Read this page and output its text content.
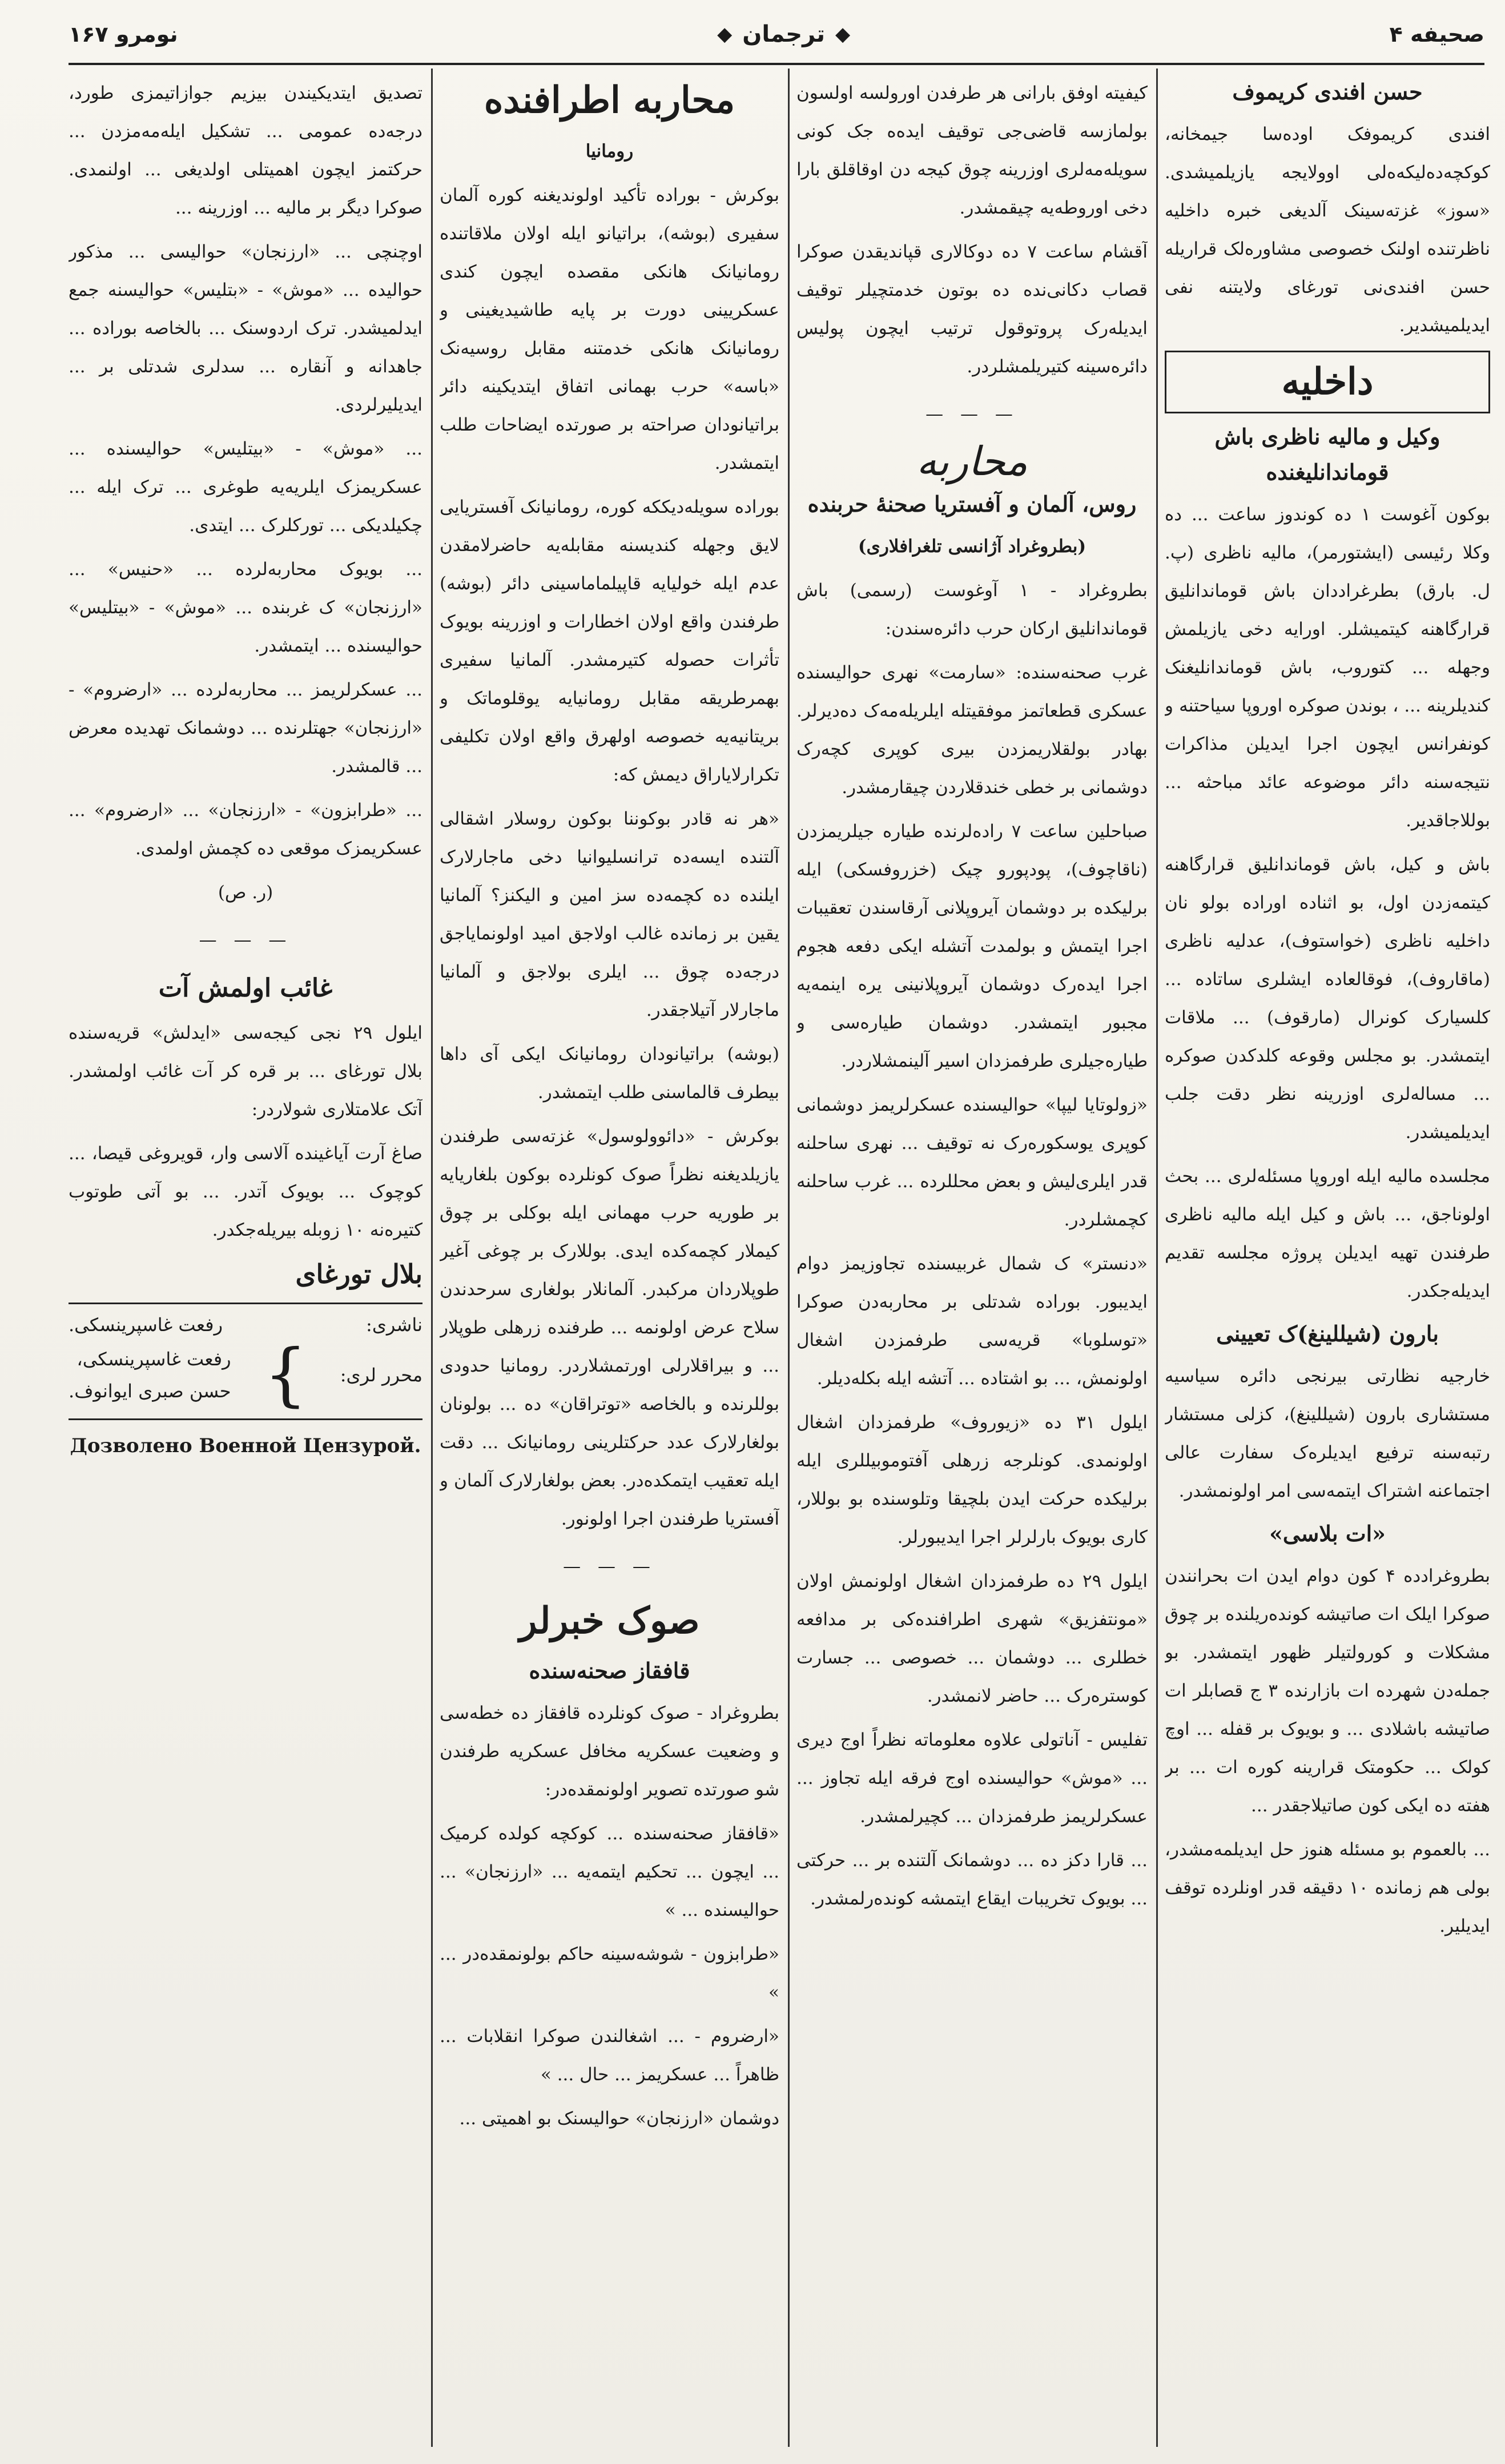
صحیفه ۴
◆
ترجمان
◆
نومرو ۱۶۷

حسن افندی کریموف

افندی کریموفک اوده‌سا جیمخانه، کوکچه‌ده‌لیکه‌ه‌لی اوولایجه یازیلمیشدی. «سوز» غزته‌سینک آلدیغی خبره داخلیه ناظرتنده اولنک خصوصی مشاوره‌لک قراریله حسن افندی‌نی تورغای ولایتنه نفی ایدیلمیشدیر.

داخلیه

وکیل و مالیه ناظری باش قوماندانلیغنده

بوکون آغوست ۱ ده کوندوز ساعت ... ده وکلا رئیسی (ایشتورمر)، مالیه ناظری (پ. ل. بارق) بطرغراددان باش قوماندانلیق قرارگاهنه کیتمیشلر. اورایه دخی یازیلمش وجهله ... کتوروب، باش قوماندانلیغنک کندیلرینه ... ، بوندن صوکره اوروپا سیاحتنه و کونفرانس ایچون اجرا ایدیلن مذاکرات نتیجه‌سنه دائر موضوعه عائد مباحثه ... بوللاجاقدیر.

باش و کیل، باش قوماندانلیق قرارگاهنه کیتمه‌زدن اول، بو اثناده اوراده بولو نان داخلیه ناظری (خواستوف)، عدلیه ناظری (ماقاروف)، فوقالعاده ایشلری ساتاده ... کلسیارک کونرال (مارقوف) ... ملاقات ایتمشدر. بو مجلس وقوعه کلدکدن صوکره ... مساله‌لری اوزرینه نظر دقت جلب ایدیلمیشدر.

مجلسده مالیه ایله اوروپا مسئله‌لری ... بحث اولوناجق، ... باش و کیل ایله مالیه ناظری طرفندن تهیه ایدیلن پروژه مجلسه تقدیم ایدیله‌جکدر.

بارون (شیللینغ)ک تعیینی

خارجیه نظارتی بیرنجی دائره سیاسیه مستشاری بارون (شیللینغ)، کزلی مستشار رتبه‌سنه ترفیع ایدیلره‌ک سفارت عالی اجتماعنه اشتراک ایتمه‌سی امر اولونمشدر.

«ات بلاسی»

بطروغرادده ۴ کون دوام ایدن ات بحرانندن صوکرا ایلک ات صاتیشه کونده‌ریلنده بر چوق مشکلات و کورولتیلر ظهور ایتمشدر. بو جمله‌دن شهرده ات بازارنده ۳ ج قصابلر ات صاتیشه باشلادی ... و بویوک بر قفله ... اوچ کولک ... حکومتک قرارینه کوره ات ... بر هفته ده ایکی کون صاتیلاجقدر ...

... بالعموم بو مسئله هنوز حل ایدیلمه‌مشدر، بولی هم زمانده ۱۰ دقیقه قدر اونلرده توقف ایدیلیر.

کیفیته اوفق بارانی هر طرفدن اورولسه اولسون بولمازسه قاضی‌جی توقیف ایده‌ه جک کونی سویله‌مه‌لری اوزرینه چوق کیجه دن اوقاقلق بارا دخی اوروطه‌یه چیقمشدر.

آقشام ساعت ۷ ده دوکالاری قپاندیقدن صوکرا قصاب دکانی‌نده ده بوتون خدمتچیلر توقیف ایدیله‌رک پروتوقول ترتیب ایچون پولیس دائره‌سینه کتیریلمشلردر.

— — —

محاربه

روس، آلمان و آفستریا صحنهٔ حربنده

(بطروغراد آژانسی تلغرافلاری)

بطروغراد - ۱ آوغوست (رسمی) باش قوماندانلیق ارکان حرب دائره‌سندن:

غرب صحنه‌سنده: «سارمت» نهری حوالیسنده عسکری قطعاتمز موفقیتله ایلریله‌مه‌ک ده‌دیرلر. بهادر بولقلاریمزدن بیری کوپری کچه‌رک دوشمانی بر خطی خندقلاردن چیقارمشدر.

صباحلین ساعت ۷ راده‌لرنده طیاره جیلریمزدن (ناقاچوف)، پودپورو چیک (خزروفسکی) ایله برلیکده بر دوشمان آیروپلانی آرقاسندن تعقیبات اجرا ایتمش و بولمدت آتشله ایکی دفعه هجوم اجرا ایده‌رک دوشمان آیروپلانینی یره اینمه‌یه مجبور ایتمشدر. دوشمان طیاره‌سی و طیاره‌جیلری طرفمزدان اسیر آلینمشلاردر.

«زولوتایا لیپا» حوالیسنده عسکرلریمز دوشمانی کوپری یوسکوره‌رک نه توقیف ... نهری ساحلنه قدر ایلری‌لیش و بعض محللرده ... غرب ساحلنه کچمشلردر.

«دنستر» ک شمال غربیسنده تجاوزیمز دوام ایدیبور. بوراده شدتلی بر محاربه‌دن صوکرا «توسلوبا» قریه‌سی طرفمزدن اشغال اولونمش، ... بو اشتاده ... آتشه ایله بکله‌دیلر.

ایلول ۳۱ ده «زیوروف» طرفمزدان اشغال اولونمدی. کونلرجه زرهلی آفتوموبیللری ایله برلیکده حرکت ایدن بلچیقا وتلوسنده بو بوللار، کاری بویوک بارلرلر اجرا ایدیبورلر.

ایلول ۲۹ ده طرفمزدان اشغال اولونمش اولان «مونتفزیق» شهری اطرافنده‌کی بر مدافعه خطلری ... دوشمان ... خصوصی ... جسارت کوستر‌ه‌رک ... حاضر لانمشدر.

تفلیس - آناتولی علاوه معلوماته نظراً اوج دیری ... «موش» حوالیسنده اوج فرقه ایله تجاوز ... عسکرلریمز طرفمزدان ... کچیرلمشدر.

... قارا دکز ده ... دوشمانک آلتنده بر ... حرکتی ... بویوک تخریبات ایقاع ایتمشه کونده‌رلمشدر.

محاربه اطرافنده

رومانیا

بوکرش - بوراده تأکید اولوندیغنه کوره آلمان سفیری (بوشه)، براتیانو ایله اولان ملاقاتنده رومانیانک هانکی مقصده ایچون کندی عسکریینی دورت بر پایه طاشیدیغینی و رومانیانک هانکی خدمتنه مقابل روسیه‌نک «باسه» حرب بهمانی اتفاق ایتدیکینه دائر براتیانودان صراحته بر صورتده ایضاحات طلب ایتمشدر.

بوراده سویله‌دیککه کوره، رومانیانک آفستریایی لایق وجهله کندیسنه مقابله‌یه حاضرلامقدن عدم ایله خولیایه قاپیلماماسینی دائر (بوشه) طرفندن واقع اولان اخطارات و اوزرینه بویوک تأثرات حصوله کتیرمشدر. آلمانیا سفیری بهمرطریقه مقابل رومانیایه یوقلوماتک و بریتانیه‌یه خصوصه اولهرق واقع اولان تکلیفی تکرارلایاراق دیمش که:

«هر نه قادر بوکوننا بوکون روسلار اشقالی آلتنده ایسه‌ده ترانسلیوانیا دخی ماجارلارک ایلنده ده کچمه‌ده سز امین و الیکنز؟ آلمانیا یقین بر زمانده غالب اولاجق امید اولونمایاجق درجه‌ده چوق ... ایلری بولاجق و آلمانیا ماجارلار آتیلاجقدر.

(بوشه) براتیانودان رومانیانک ایکی آی داها بیطرف قالماسنی طلب ایتمشدر.

بوکرش - «دائوولوسول» غزته‌سی طرفندن یازیلدیغنه نظراً صوک کونلرده بوکون بلغاریایه بر طوریه حرب مهمانی ایله بوکلی بر چوق کیملار کچمه‌کده ایدی. بوللارک بر چوغی آغیر طوپلاردان مرکبدر. آلمانلار بولغاری سرحدندن سلاح عرض اولونمه ... طرفنده زرهلی طوپلار ... و بیراقلارلی اورتمشلاردر. رومانیا حدودی بوللرنده و بالخاصه «توتراقان» ده ... بولونان بولغارلارک عدد حرکتلرینی رومانیانک ... دقت ایله تعقیب ایتمکده‌در. بعض بولغارلارک آلمان و آفستریا طرفندن اجرا اولونور.

— — —

صوک خبرلر

قافقاز صحنه‌سنده

بطروغراد - صوک کونلرده قافقاز ده خطه‌سی و وضعیت عسکریه مخافل عسکریه طرفندن شو صورتده تصویر اولونمقده‌در:

«قافقاز صحنه‌سنده ... کوکچه کولده کرمیک ... ایچون ... تحکیم ایتمه‌یه ... «ارزنجان» ... حوالیسنده ... »

«طرابزون - شوشه‌سینه حاکم بولونمقده‌در ... »

«ارضروم - ... اشغالندن صوکرا انقلابات ... ظاهراً ... عسکریمز ... حال ... »

دوشمان «ارزنجان» حوالیسنک بو اهمیتی ...

تصدیق ایتدیکیندن بیزیم جوازاتیمزی طورد، درجه‌ده عمومی ... تشکیل ایله‌مه‌مزدن ... حرکتمز ایچون اهمیتلی اولدیغی ... اولنمدی. صوکرا دیگر بر مالیه ... اوزرینه ...

اوچنچی ... «ارزنجان» حوالیسی ... مذکور حوالیده ... «موش» - «بتلیس» حوالیسنه جمع ایدلمیشدر. ترک اردوسنک ... بالخاصه بوراده ... جاهدانه و آنقاره ... سدلری شدتلی بر ... ایدیلیرلردی.

... «موش» - «بیتلیس» حوالیسنده ... عسکریمزک ایلریه‌یه طوغری ... ترک ایله ... چکیلدیکی ... تورکلرک ... ایتدی.

... بویوک محاربه‌لرده ... «حنیس» ... «ارزنجان» ک غربنده ... «موش» - «بیتلیس» حوالیسنده ... ایتمشدر.

... عسکرلریمز ... محاربه‌لرده ... «ارضروم» - «ارزنجان» جهتلرنده ... دوشمانک تهدیده معرض ... قالمشدر.

... «طرابزون» - «ارزنجان» ... «ارضروم» ... عسکریمزک موقعی ده کچمش اولمدی.

(ر. ص)

— — —

غائب اولمش آت

ایلول ۲۹ نجی کیجه‌سی «ایدلش» قریه‌سنده بلال تورغای ... بر قره کر آت غائب اولمشدر. آتک علامتلاری شولاردر:

صاغ آرت آیاغینده آلاسی وار، قویروغی قیصا، ... کوچوک ... بویوک آتدر. ... بو آتی طوتوب کتیره‌نه ۱۰ زوبله بیریله‌جکدر.

بلال تورغای

ناشری:
رفعت غاسپرینسکی.
محرر لری:
}
رفعت غاسپرینسکی،
حسن صبری ایوانوف.
Дозволено Военной Цензурой.
